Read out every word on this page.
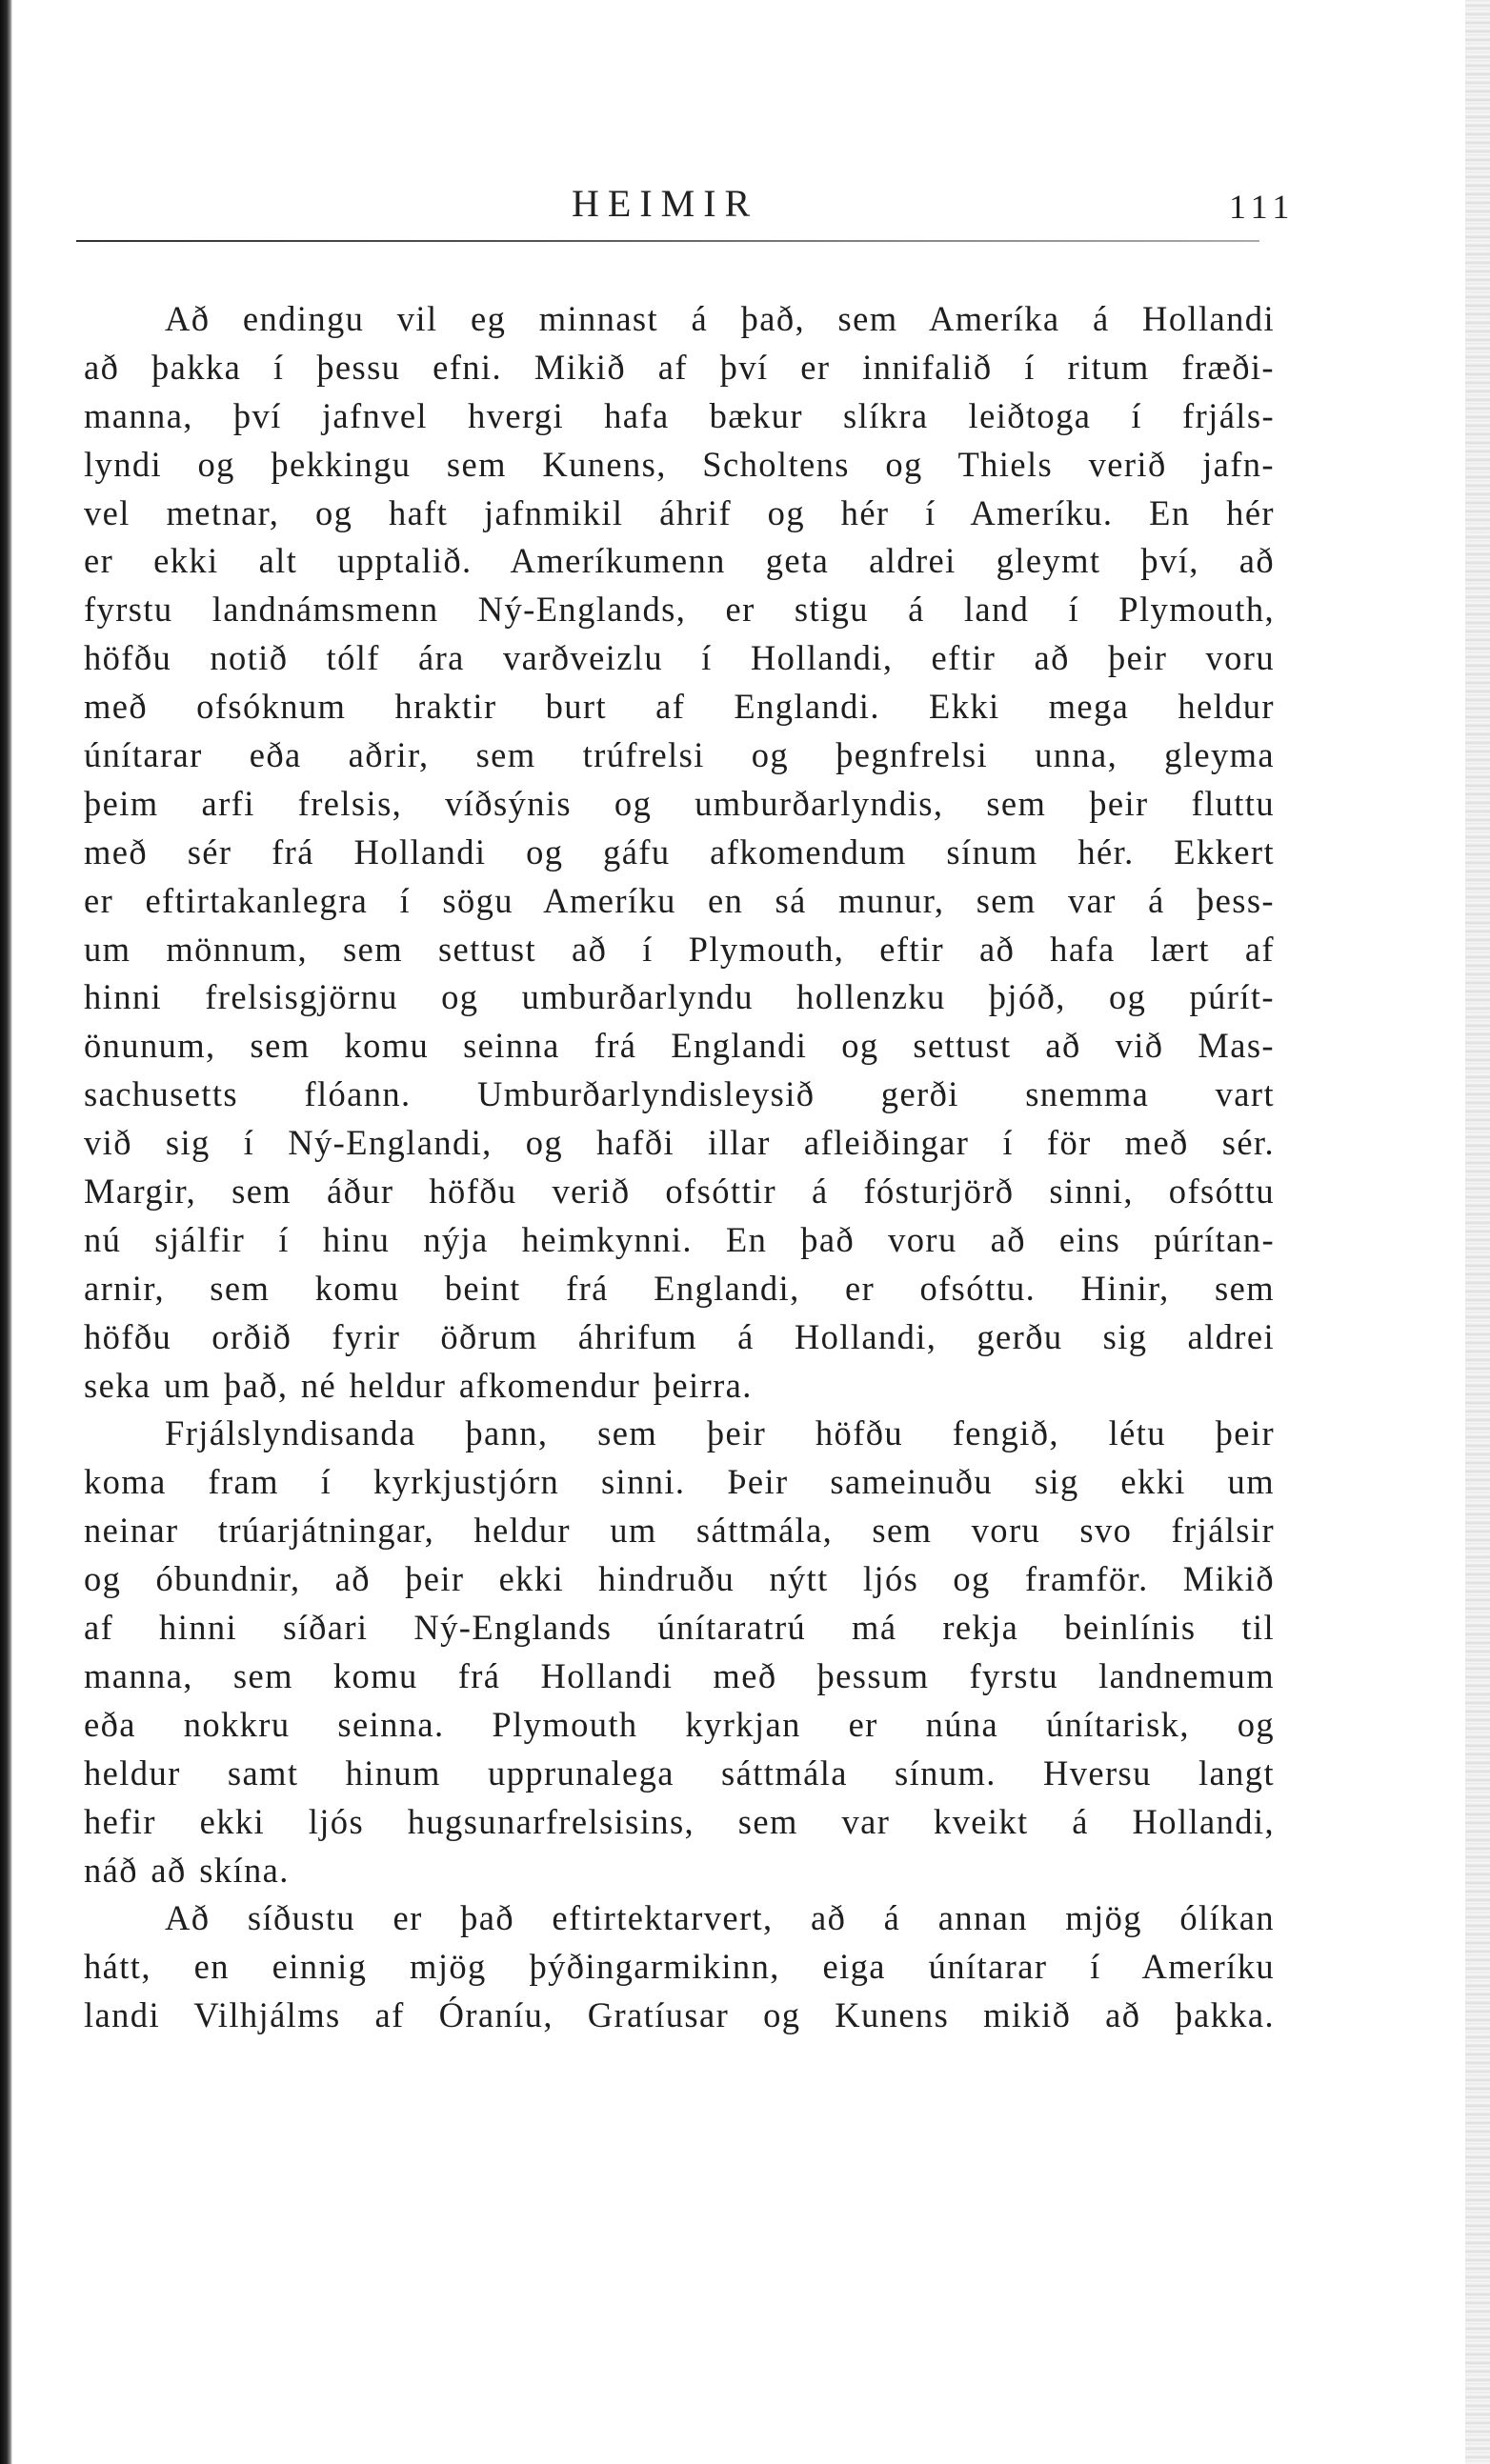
HEIMIR	111
Að endingu vil eg minnast á það, sem Ameríka á Hollandi
að þakka í þessu efni. Mikið af því er innifalið í ritum fræði-
manna, því jafnvel hvergi hafa bækur slíkra leiðtoga í frjáls-
lyndi og þekkingu sem Kunens, Scholtens og Thiels verið jafn-
vel metnar, og haft jafnmikil áhrif og hér í Ameríku. En hér
er ekki alt upptalið. Ameríkumenn geta aldrei gleymt því, að
fyrstu landnámsmenn Ný-Englands, er stigu á land í Plymouth,
höfðu notið tólf ára varðveizlu í Hollandi, eftir að þeir voru
með ofsóknum hraktir burt af Englandi. Ekki mega heldur
únítarar eða aðrir, sem trúfrelsi og þegnfrelsi unna, gleyma
þeim arfi frelsis, víðsýnis og umburðarlyndis, sem þeir fluttu
með sér frá Hollandi og gáfu afkomendum sínum hér. Ekkert
er eftirtakanlegra í sögu Ameríku en sá munur, sem var á þess-
um mönnum, sem settust að í Plymouth, eftir að hafa lært af
hinni frelsisgjörnu og umburðarlyndu hollenzku þjóð, og púrít-
önunum, sem komu seinna frá Englandi og settust að við Mas-
sachusetts flóann. Umburðarlyndisleysið gerði snemma vart
við sig í Ný-Englandi, og hafði illar afleiðingar í för með sér.
Margir, sem áður höfðu verið ofsóttir á fósturjörð sinni, ofsóttu
nú sjálfir í hinu nýja heimkynni. En það voru að eins púrítan-
arnir, sem komu beint frá Englandi, er ofsóttu. Hinir, sem
höfðu orðið fyrir öðrum áhrifum á Hollandi, gerðu sig aldrei
seka um það, né heldur afkomendur þeirra.
Frjálslyndisanda þann, sem þeir höfðu fengið, létu þeir
koma fram í kyrkjustjórn sinni. Þeir sameinuðu sig ekki um
neinar trúarjátningar, heldur um sáttmála, sem voru svo frjálsir
og óbundnir, að þeir ekki hindruðu nýtt ljós og framför. Mikið
af hinni síðari Ný-Englands únítaratrú má rekja beinlínis til
manna, sem komu frá Hollandi með þessum fyrstu landnemum
eða nokkru seinna. Plymouth kyrkjan er núna únítarisk, og
heldur samt hinum upprunalega sáttmála sínum. Hversu langt
hefir ekki ljós hugsunarfrelsisins, sem var kveikt á Hollandi,
náð að skína.
Að síðustu er það eftirtektarvert, að á annan mjög ólíkan
hátt, en einnig mjög þýðingarmikinn, eiga únítarar í Ameríku
landi Vilhjálms af Óraníu, Gratíusar og Kunens mikið að þakka.
